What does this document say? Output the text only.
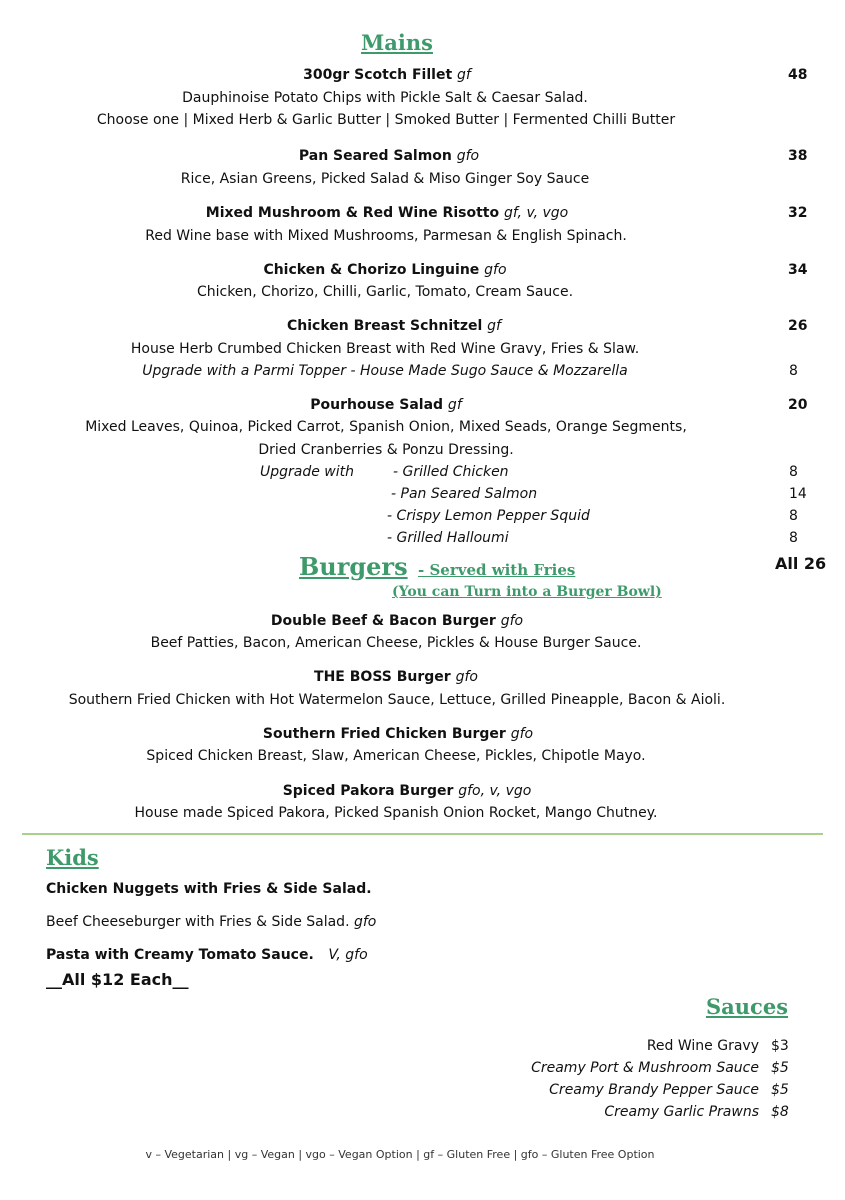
Mains
300gr Scotch Fillet gf	48
Dauphinoise Potato Chips with Pickle Salt & Caesar Salad.
Choose one | Mixed Herb & Garlic Butter | Smoked Butter | Fermented Chilli Butter
Pan Seared Salmon gfo	38
Rice, Asian Greens, Picked Salad & Miso Ginger Soy Sauce
Mixed Mushroom & Red Wine Risotto gf, v, vgo	32
Red Wine base with Mixed Mushrooms, Parmesan & English Spinach.
Chicken & Chorizo Linguine gfo	34
Chicken, Chorizo, Chilli, Garlic, Tomato, Cream Sauce.
Chicken Breast Schnitzel gf	26
House Herb Crumbed Chicken Breast with Red Wine Gravy, Fries & Slaw.
Upgrade with a Parmi Topper - House Made Sugo Sauce & Mozzarella	8
Pourhouse Salad gf	20
Mixed Leaves, Quinoa, Picked Carrot, Spanish Onion, Mixed Seads, Orange Segments,
Dried Cranberries & Ponzu Dressing.
Upgrade with	- Grilled Chicken	8
- Pan Seared Salmon	14
- Crispy Lemon Pepper Squid	8
- Grilled Halloumi	8
Burgers - Served with Fries
(You can Turn into a Burger Bowl)
All 26
Double Beef & Bacon Burger gfo
Beef Patties, Bacon, American Cheese, Pickles & House Burger Sauce.
THE BOSS Burger gfo
Southern Fried Chicken with Hot Watermelon Sauce, Lettuce, Grilled Pineapple, Bacon & Aioli.
Southern Fried Chicken Burger gfo
Spiced Chicken Breast, Slaw, American Cheese, Pickles, Chipotle Mayo.
Spiced Pakora Burger gfo, v, vgo
House made Spiced Pakora, Picked Spanish Onion Rocket, Mango Chutney.
Kids
Chicken Nuggets with Fries & Side Salad.
Beef Cheeseburger with Fries & Side Salad. gfo
Pasta with Creamy Tomato Sauce. V, gfo
__All $12 Each__
Sauces
Red Wine Gravy $3
Creamy Port & Mushroom Sauce $5
Creamy Brandy Pepper Sauce $5
Creamy Garlic Prawns $8
v – Vegetarian | vg – Vegan | vgo – Vegan Option | gf – Gluten Free | gfo – Gluten Free Option
